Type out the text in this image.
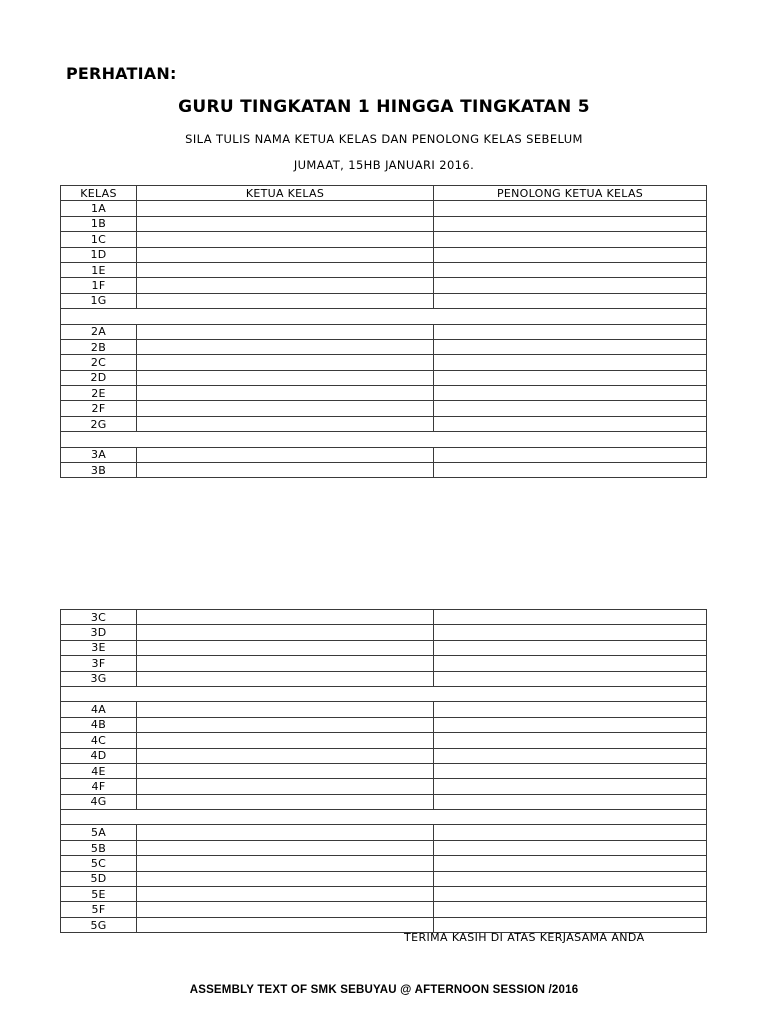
PERHATIAN:
GURU TINGKATAN 1 HINGGA TINGKATAN 5
SILA TULIS NAMA KETUA KELAS DAN PENOLONG KELAS SEBELUM
JUMAAT, 15HB JANUARI 2016.
KELAS	KETUA KELAS	PENOLONG KETUA KELAS
1A		
1B		
1C		
1D		
1E		
1F		
1G		

2A		
2B		
2C		
2D		
2E		
2F		
2G		

3A		
3B		
3C		
3D		
3E		
3F		
3G		

4A		
4B		
4C		
4D		
4E		
4F		
4G		

5A		
5B		
5C		
5D		
5E		
5F		
5G		
TERIMA KASIH DI ATAS KERJASAMA ANDA
ASSEMBLY TEXT OF SMK SEBUYAU @ AFTERNOON SESSION /2016
